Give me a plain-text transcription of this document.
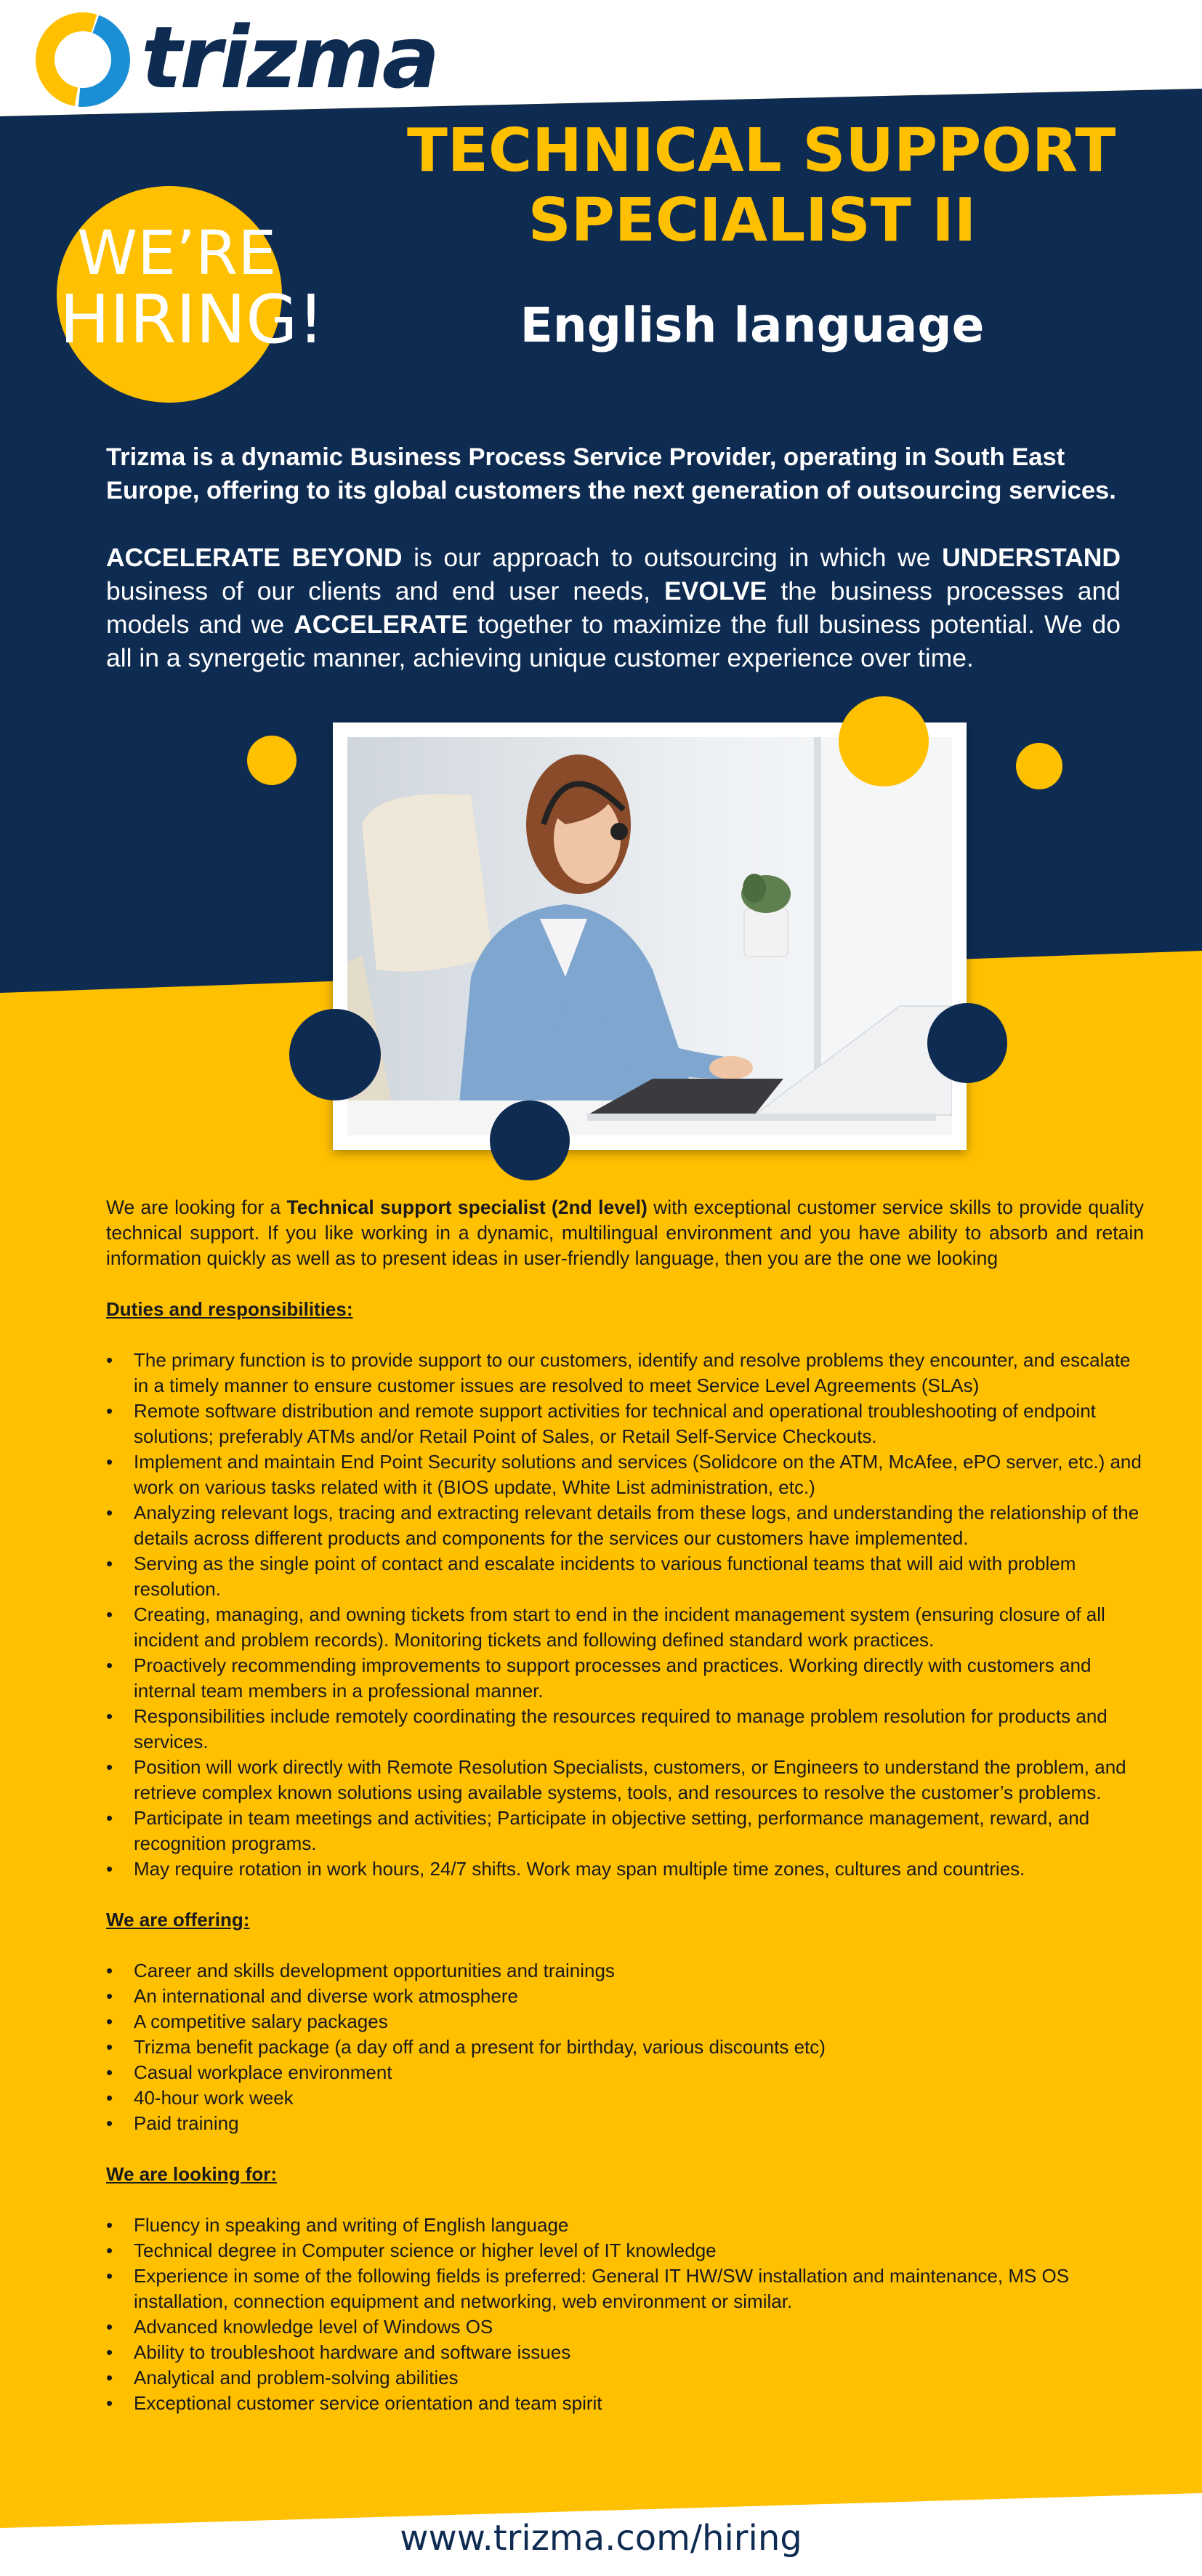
trizma
WE’RE
HIRING!
TECHNICAL SUPPORT
SPECIALIST II
English language

Trizma is a dynamic Business Process Service Provider, operating in South East Europe, offering to its global customers the next generation of outsourcing services.

ACCELERATE BEYOND is our approach to outsourcing in which we UNDERSTAND business of our clients and end user needs, EVOLVE the business processes and models and we ACCELERATE together to maximize the full business potential. We do all in a synergetic manner, achieving unique customer experience over time.

We are looking for a Technical support specialist (2nd level) with exceptional customer service skills to provide quality technical support. If you like working in a dynamic, multilingual environment and you have ability to absorb and retain information quickly as well as to present ideas in user-friendly language, then you are the one we looking

Duties and responsibilities:

• The primary function is to provide support to our customers, identify and resolve problems they encounter, and escalate in a timely manner to ensure customer issues are resolved to meet Service Level Agreements (SLAs)
• Remote software distribution and remote support activities for technical and operational troubleshooting of endpoint solutions; preferably ATMs and/or Retail Point of Sales, or Retail Self-Service Checkouts.
• Implement and maintain End Point Security solutions and services (Solidcore on the ATM, McAfee, ePO server, etc.) and work on various tasks related with it (BIOS update, White List administration, etc.)
• Analyzing relevant logs, tracing and extracting relevant details from these logs, and understanding the relationship of the details across different products and components for the services our customers have implemented.
• Serving as the single point of contact and escalate incidents to various functional teams that will aid with problem resolution.
• Creating, managing, and owning tickets from start to end in the incident management system (ensuring closure of all incident and problem records). Monitoring tickets and following defined standard work practices.
• Proactively recommending improvements to support processes and practices. Working directly with customers and internal team members in a professional manner.
• Responsibilities include remotely coordinating the resources required to manage problem resolution for products and services.
• Position will work directly with Remote Resolution Specialists, customers, or Engineers to understand the problem, and retrieve complex known solutions using available systems, tools, and resources to resolve the customer’s problems.
• Participate in team meetings and activities; Participate in objective setting, performance management, reward, and recognition programs.
• May require rotation in work hours, 24/7 shifts. Work may span multiple time zones, cultures and countries.

We are offering:

• Career and skills development opportunities and trainings
• An international and diverse work atmosphere
• A competitive salary packages
• Trizma benefit package (a day off and a present for birthday, various discounts etc)
• Casual workplace environment
• 40-hour work week
• Paid training

We are looking for:

• Fluency in speaking and writing of English language
• Technical degree in Computer science or higher level of IT knowledge
• Experience in some of the following fields is preferred: General IT HW/SW installation and maintenance, MS OS installation, connection equipment and networking, web environment or similar.
• Advanced knowledge level of Windows OS
• Ability to troubleshoot hardware and software issues
• Analytical and problem-solving abilities
• Exceptional customer service orientation and team spirit
www.trizma.com/hiring
